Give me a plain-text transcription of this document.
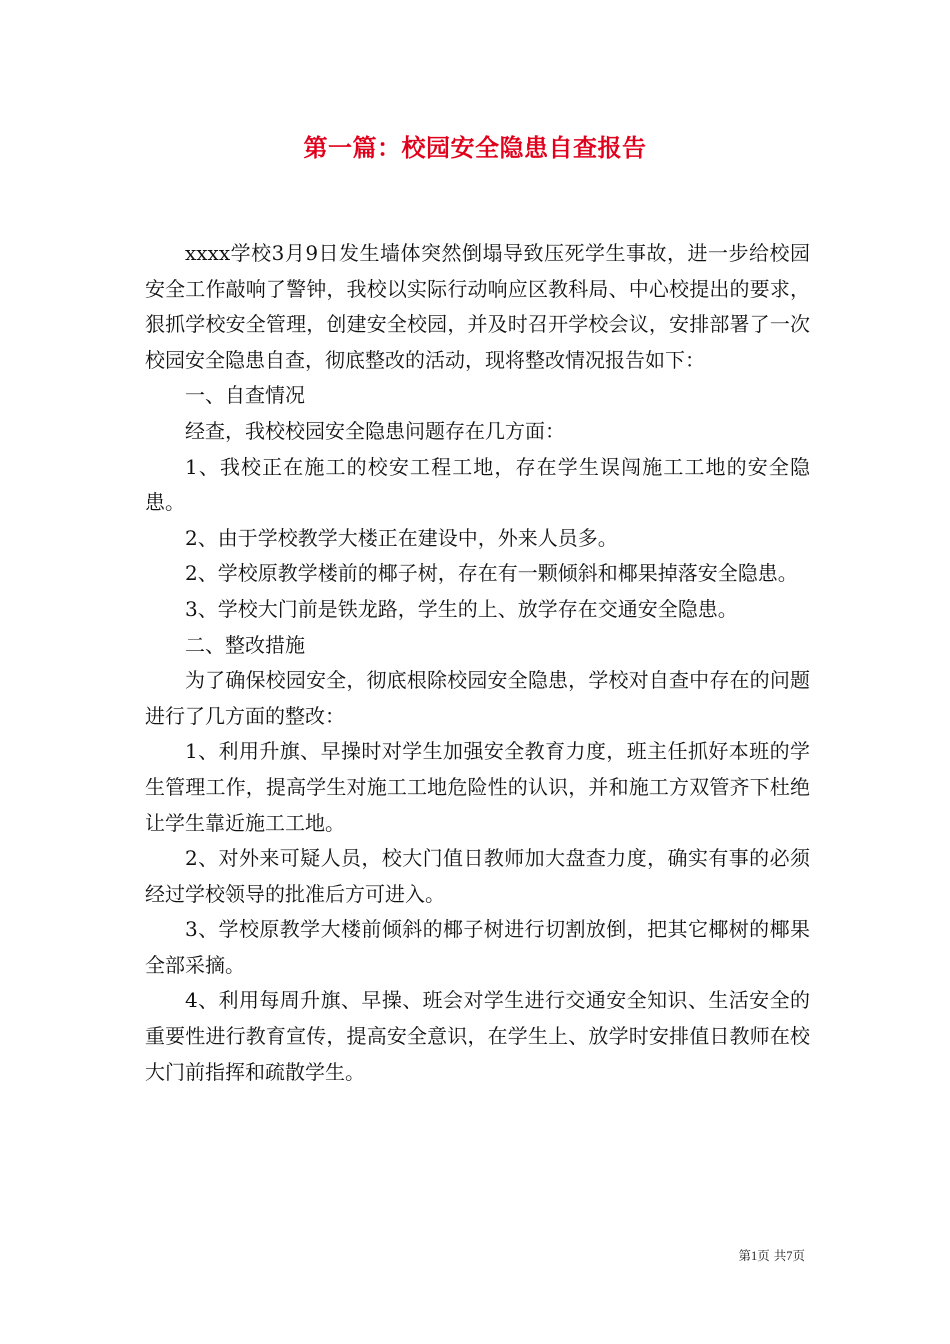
第一篇：校园安全隐患自查报告

xxxx学校3月9日发生墙体突然倒塌导致压死学生事故，进一步给校园安全工作敲响了警钟，我校以实际行动响应区教科局、中心校提出的要求，狠抓学校安全管理，创建安全校园，并及时召开学校会议，安排部署了一次校园安全隐患自查，彻底整改的活动，现将整改情况报告如下：

一、自查情况

经查，我校校园安全隐患问题存在几方面：

1、我校正在施工的校安工程工地，存在学生误闯施工工地的安全隐患。

2、由于学校教学大楼正在建设中，外来人员多。

2、学校原教学楼前的椰子树，存在有一颗倾斜和椰果掉落安全隐患。

3、学校大门前是铁龙路，学生的上、放学存在交通安全隐患。

二、整改措施

为了确保校园安全，彻底根除校园安全隐患，学校对自查中存在的问题进行了几方面的整改：

1、利用升旗、早操时对学生加强安全教育力度，班主任抓好本班的学生管理工作，提高学生对施工工地危险性的认识，并和施工方双管齐下杜绝让学生靠近施工工地。

2、对外来可疑人员，校大门值日教师加大盘查力度，确实有事的必须经过学校领导的批准后方可进入。

3、学校原教学大楼前倾斜的椰子树进行切割放倒，把其它椰树的椰果全部采摘。

4、利用每周升旗、早操、班会对学生进行交通安全知识、生活安全的重要性进行教育宣传，提高安全意识，在学生上、放学时安排值日教师在校大门前指挥和疏散学生。

第1页 共7页
